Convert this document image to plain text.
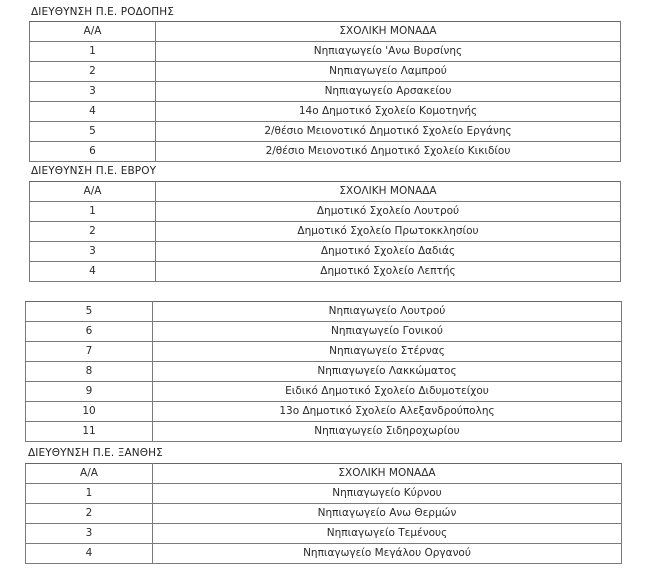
ΔΙΕΥΘΥΝΣΗ Π.Ε. ΡΟΔΟΠΗΣ
Α/Α	ΣΧΟΛΙΚΗ ΜΟΝΑΔΑ
1	Νηπιαγωγείο 'Ανω Βυρσίνης
2	Νηπιαγωγείο Λαμπρού
3	Νηπιαγωγείο Αρσακείου
4	14ο Δημοτικό Σχολείο Κομοτηνής
5	2/θέσιο Μειονοτικό Δημοτικό Σχολείο Εργάνης
6	2/θέσιο Μειονοτικό Δημοτικό Σχολείο Κικιδίου
ΔΙΕΥΘΥΝΣΗ Π.Ε. ΕΒΡΟΥ
Α/Α	ΣΧΟΛΙΚΗ ΜΟΝΑΔΑ
1	Δημοτικό Σχολείο Λουτρού
2	Δημοτικό Σχολείο Πρωτοκκλησίου
3	Δημοτικό Σχολείο Δαδιάς
4	Δημοτικό Σχολείο Λεπτής
5	Νηπιαγωγείο Λουτρού
6	Νηπιαγωγείο Γονικού
7	Νηπιαγωγείο Στέρνας
8	Νηπιαγωγείο Λακκώματος
9	Ειδικό Δημοτικό Σχολείο Διδυμοτείχου
10	13ο Δημοτικό Σχολείο Αλεξανδρούπολης
11	Νηπιαγωγείο Σιδηροχωρίου
ΔΙΕΥΘΥΝΣΗ Π.Ε. ΞΑΝΘΗΣ
Α/Α	ΣΧΟΛΙΚΗ ΜΟΝΑΔΑ
1	Νηπιαγωγείο Κύρνου
2	Νηπιαγωγείο Ανω Θερμών
3	Νηπιαγωγείο Τεμένους
4	Νηπιαγωγείο Μεγάλου Οργανού
